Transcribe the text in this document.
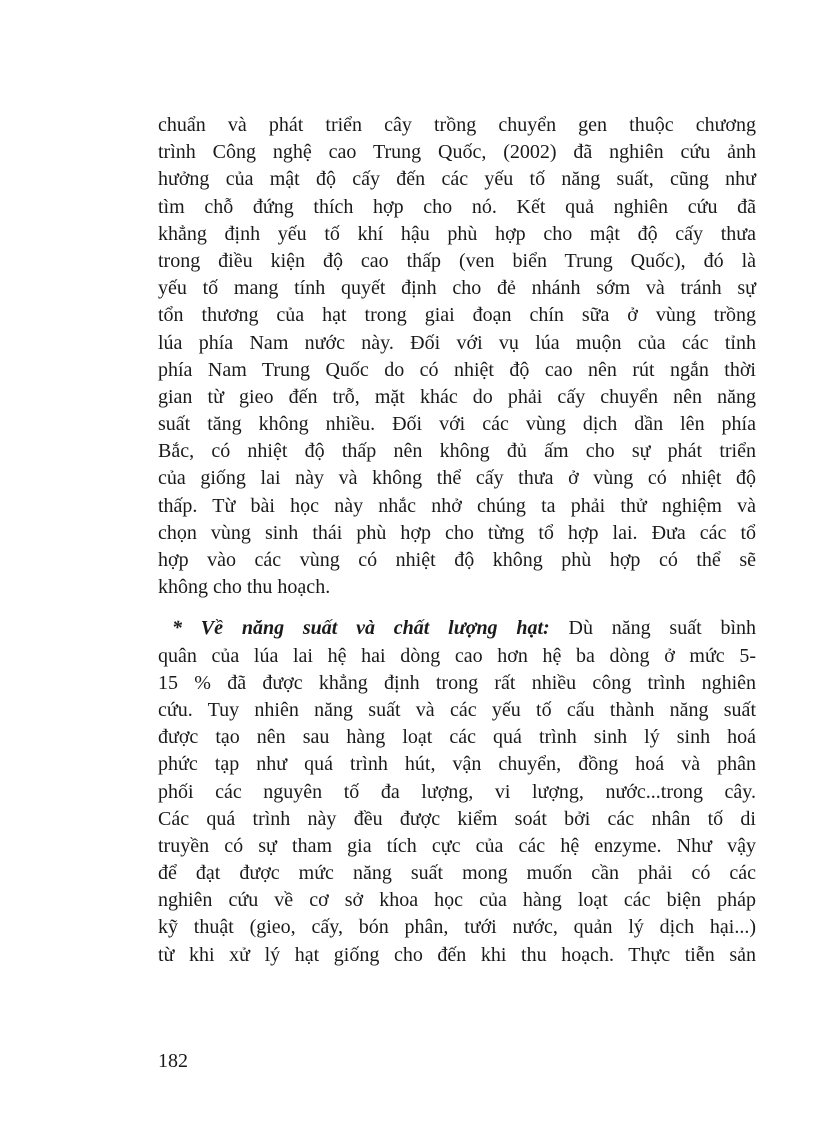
chuẩn và phát triển cây trồng chuyển gen thuộc chương
trình Công nghệ cao Trung Quốc, (2002) đã nghiên cứu ảnh
hưởng của mật độ cấy đến các yếu tố năng suất, cũng như
tìm chỗ đứng thích hợp cho nó. Kết quả nghiên cứu đã
khẳng định yếu tố khí hậu phù hợp cho mật độ cấy thưa
trong điều kiện độ cao thấp (ven biển Trung Quốc), đó là
yếu tố mang tính quyết định cho đẻ nhánh sớm và tránh sự
tổn thương của hạt trong giai đoạn chín sữa ở vùng trồng
lúa phía Nam nước này. Đối với vụ lúa muộn của các tỉnh
phía Nam Trung Quốc do có nhiệt độ cao nên rút ngắn thời
gian từ gieo đến trỗ, mặt khác do phải cấy chuyển nên năng
suất tăng không nhiều. Đối với các vùng dịch dần lên phía
Bắc, có nhiệt độ thấp nên không đủ ấm cho sự phát triển
của giống lai này và không thể cấy thưa ở vùng có nhiệt độ
thấp. Từ bài học này nhắc nhở chúng ta phải thử nghiệm và
chọn vùng sinh thái phù hợp cho từng tổ hợp lai. Đưa các tổ
hợp vào các vùng có nhiệt độ không phù hợp có thể sẽ
không cho thu hoạch.
* Về năng suất và chất lượng hạt: Dù năng suất bình
quân của lúa lai hệ hai dòng cao hơn hệ ba dòng ở mức 5-
15 % đã được khẳng định trong rất nhiều công trình nghiên
cứu. Tuy nhiên năng suất và các yếu tố cấu thành năng suất
được tạo nên sau hàng loạt các quá trình sinh lý sinh hoá
phức tạp như quá trình hút, vận chuyển, đồng hoá và phân
phối các nguyên tố đa lượng, vi lượng, nước...trong cây.
Các quá trình này đều được kiểm soát bởi các nhân tố di
truyền có sự tham gia tích cực của các hệ enzyme. Như vậy
để đạt được mức năng suất mong muốn cần phải có các
nghiên cứu về cơ sở khoa học của hàng loạt các biện pháp
kỹ thuật (gieo, cấy, bón phân, tưới nước, quản lý dịch hại...)
từ khi xử lý hạt giống cho đến khi thu hoạch. Thực tiễn sản
182
